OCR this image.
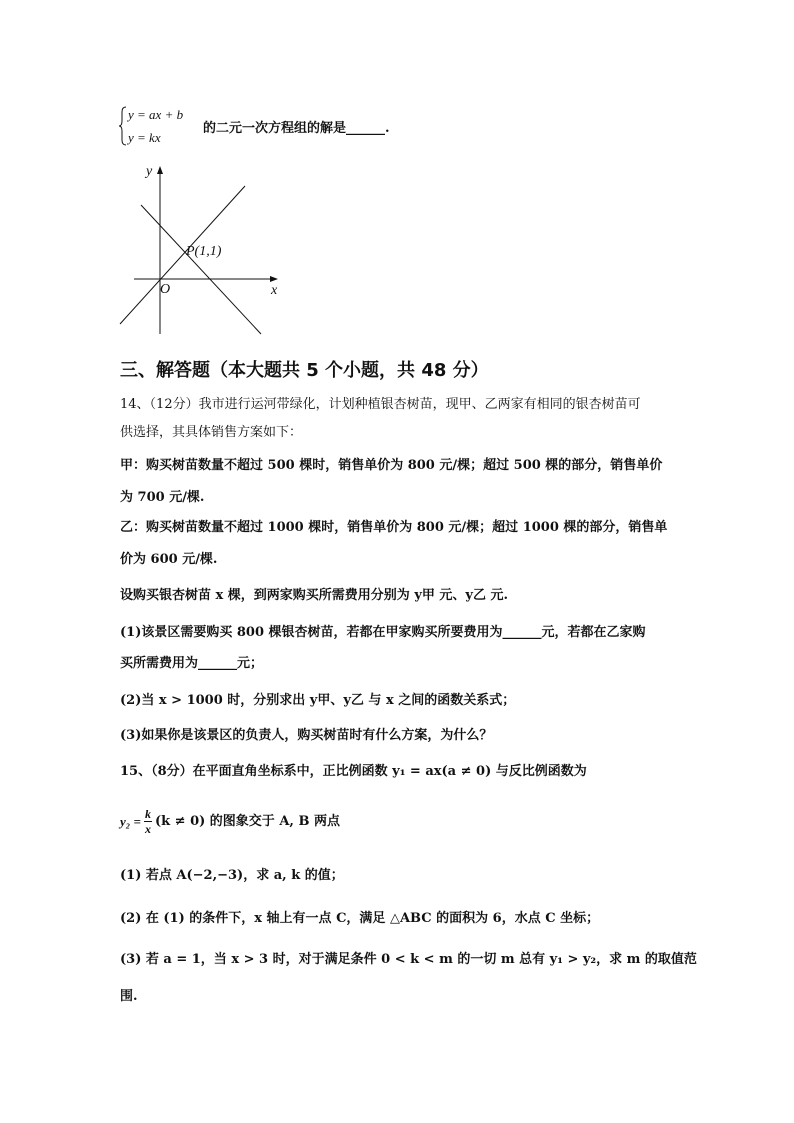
y = ax + b
y = kx
的二元一次方程组的解是______.
y
x
O
P(1,1)
三、解答题（本大题共 5 个小题，共 48 分）
14、（12分）我市进行运河带绿化，计划种植银杏树苗，现甲、乙两家有相同的银杏树苗可
供选择，其具体销售方案如下：
甲：购买树苗数量不超过 500 棵时，销售单价为 800 元/棵；超过 500 棵的部分，销售单价
为 700 元/棵.
乙：购买树苗数量不超过 1000 棵时，销售单价为 800 元/棵；超过 1000 棵的部分，销售单
价为 600 元/棵.
设购买银杏树苗 x 棵，到两家购买所需费用分别为 y甲 元、y乙 元.
(1)该景区需要购买 800 棵银杏树苗，若都在甲家购买所要费用为______元，若都在乙家购
买所需费用为______元；
(2)当 x > 1000 时，分别求出 y甲、y乙 与 x 之间的函数关系式；
(3)如果你是该景区的负责人，购买树苗时有什么方案，为什么？
15、（8分）在平面直角坐标系中，正比例函数 y₁ = ax(a ≠ 0) 与反比例函数为
$y_2 = \frac{k}{x} (k \ne 0)$ 的图象交于 A, B 两点
(1) 若点 A(−2,−3)，求 a, k 的值；
(2) 在 (1) 的条件下，x 轴上有一点 C，满足 △ABC 的面积为 6，水点 C 坐标；
(3) 若 a = 1，当 x > 3 时，对于满足条件 0 < k < m 的一切 m 总有 y₁ > y₂，求 m 的取值范
围.
